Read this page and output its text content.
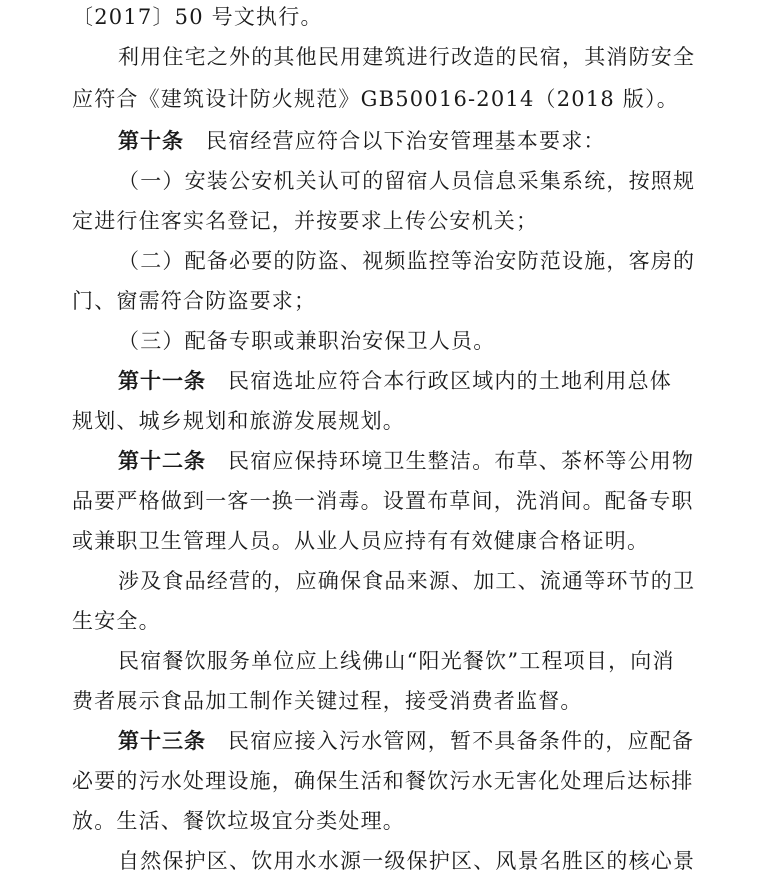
〔2017〕50 号文执行。
利用住宅之外的其他民用建筑进行改造的民宿，其消防安全
应符合《建筑设计防火规范》GB50016-2014（2018 版）。
第十条 民宿经营应符合以下治安管理基本要求：
（一）安装公安机关认可的留宿人员信息采集系统，按照规
定进行住客实名登记，并按要求上传公安机关；
（二）配备必要的防盗、视频监控等治安防范设施，客房的
门、窗需符合防盗要求；
（三）配备专职或兼职治安保卫人员。
第十一条 民宿选址应符合本行政区域内的土地利用总体
规划、城乡规划和旅游发展规划。
第十二条 民宿应保持环境卫生整洁。布草、茶杯等公用物
品要严格做到一客一换一消毒。设置布草间，洗消间。配备专职
或兼职卫生管理人员。从业人员应持有有效健康合格证明。
涉及食品经营的，应确保食品来源、加工、流通等环节的卫
生安全。
民宿餐饮服务单位应上线佛山“阳光餐饮”工程项目，向消
费者展示食品加工制作关键过程，接受消费者监督。
第十三条 民宿应接入污水管网，暂不具备条件的，应配备
必要的污水处理设施，确保生活和餐饮污水无害化处理后达标排
放。生活、餐饮垃圾宜分类处理。
自然保护区、饮用水水源一级保护区、风景名胜区的核心景
